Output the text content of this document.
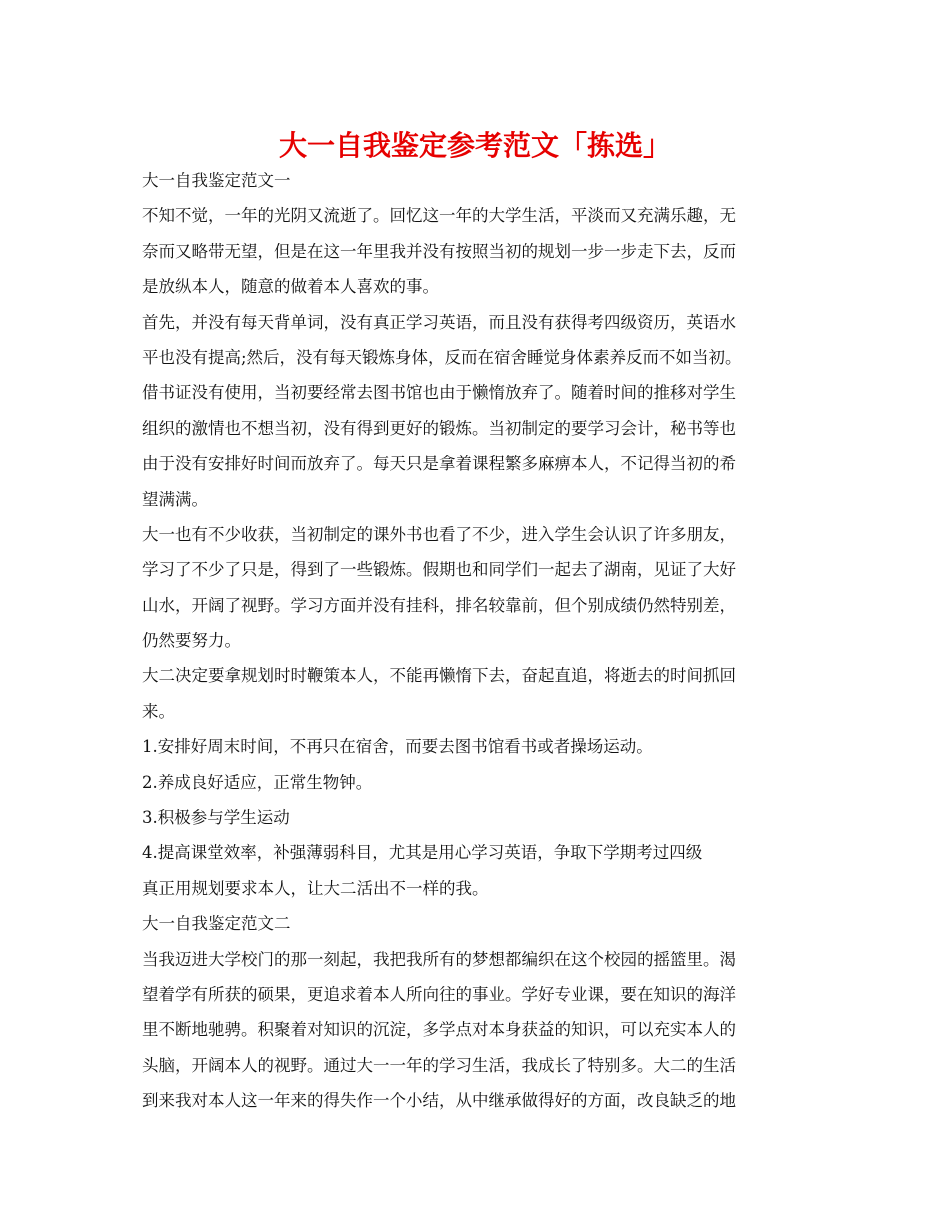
大一自我鉴定参考范文「拣选」
大一自我鉴定范文一
不知不觉，一年的光阴又流逝了。回忆这一年的大学生活，平淡而又充满乐趣，无
奈而又略带无望，但是在这一年里我并没有按照当初的规划一步一步走下去，反而
是放纵本人，随意的做着本人喜欢的事。
首先，并没有每天背单词，没有真正学习英语，而且没有获得考四级资历，英语水
平也没有提高;然后，没有每天锻炼身体，反而在宿舍睡觉身体素养反而不如当初。
借书证没有使用，当初要经常去图书馆也由于懒惰放弃了。随着时间的推移对学生
组织的激情也不想当初，没有得到更好的锻炼。当初制定的要学习会计，秘书等也
由于没有安排好时间而放弃了。每天只是拿着课程繁多麻痹本人，不记得当初的希
望满满。
大一也有不少收获，当初制定的课外书也看了不少，进入学生会认识了许多朋友，
学习了不少了只是，得到了一些锻炼。假期也和同学们一起去了湖南，见证了大好
山水，开阔了视野。学习方面并没有挂科，排名较靠前，但个别成绩仍然特别差，
仍然要努力。
大二决定要拿规划时时鞭策本人，不能再懒惰下去，奋起直追，将逝去的时间抓回
来。
1.安排好周末时间，不再只在宿舍，而要去图书馆看书或者操场运动。
2.养成良好适应，正常生物钟。
3.积极参与学生运动
4.提高课堂效率，补强薄弱科目，尤其是用心学习英语，争取下学期考过四级
真正用规划要求本人，让大二活出不一样的我。
大一自我鉴定范文二
当我迈进大学校门的那一刻起，我把我所有的梦想都编织在这个校园的摇篮里。渴
望着学有所获的硕果，更追求着本人所向往的事业。学好专业课，要在知识的海洋
里不断地驰骋。积聚着对知识的沉淀，多学点对本身获益的知识，可以充实本人的
头脑，开阔本人的视野。通过大一一年的学习生活，我成长了特别多。大二的生活
到来我对本人这一年来的得失作一个小结，从中继承做得好的方面，改良缺乏的地
